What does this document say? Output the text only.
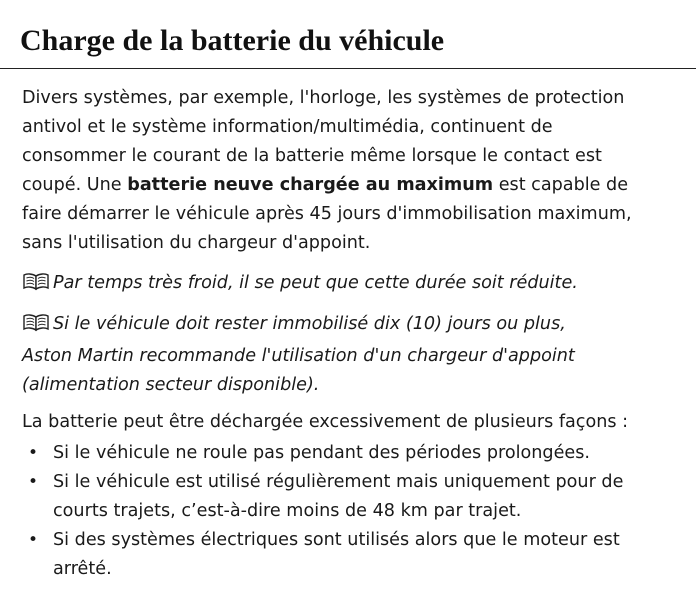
Charge de la batterie du véhicule

Divers systèmes, par exemple, l'horloge, les systèmes de protection
antivol et le système information/multimédia, continuent de
consommer le courant de la batterie même lorsque le contact est
coupé. Une batterie neuve chargée au maximum est capable de
faire démarrer le véhicule après 45 jours d'immobilisation maximum,
sans l'utilisation du chargeur d'appoint.

Par temps très froid, il se peut que cette durée soit réduite.

Si le véhicule doit rester immobilisé dix (10) jours ou plus,
Aston Martin recommande l'utilisation d'un chargeur d'appoint
(alimentation secteur disponible).

La batterie peut être déchargée excessivement de plusieurs façons :

• Si le véhicule ne roule pas pendant des périodes prolongées.
• Si le véhicule est utilisé régulièrement mais uniquement pour de
courts trajets, c’est-à-dire moins de 48 km par trajet.
• Si des systèmes électriques sont utilisés alors que le moteur est
arrêté.
